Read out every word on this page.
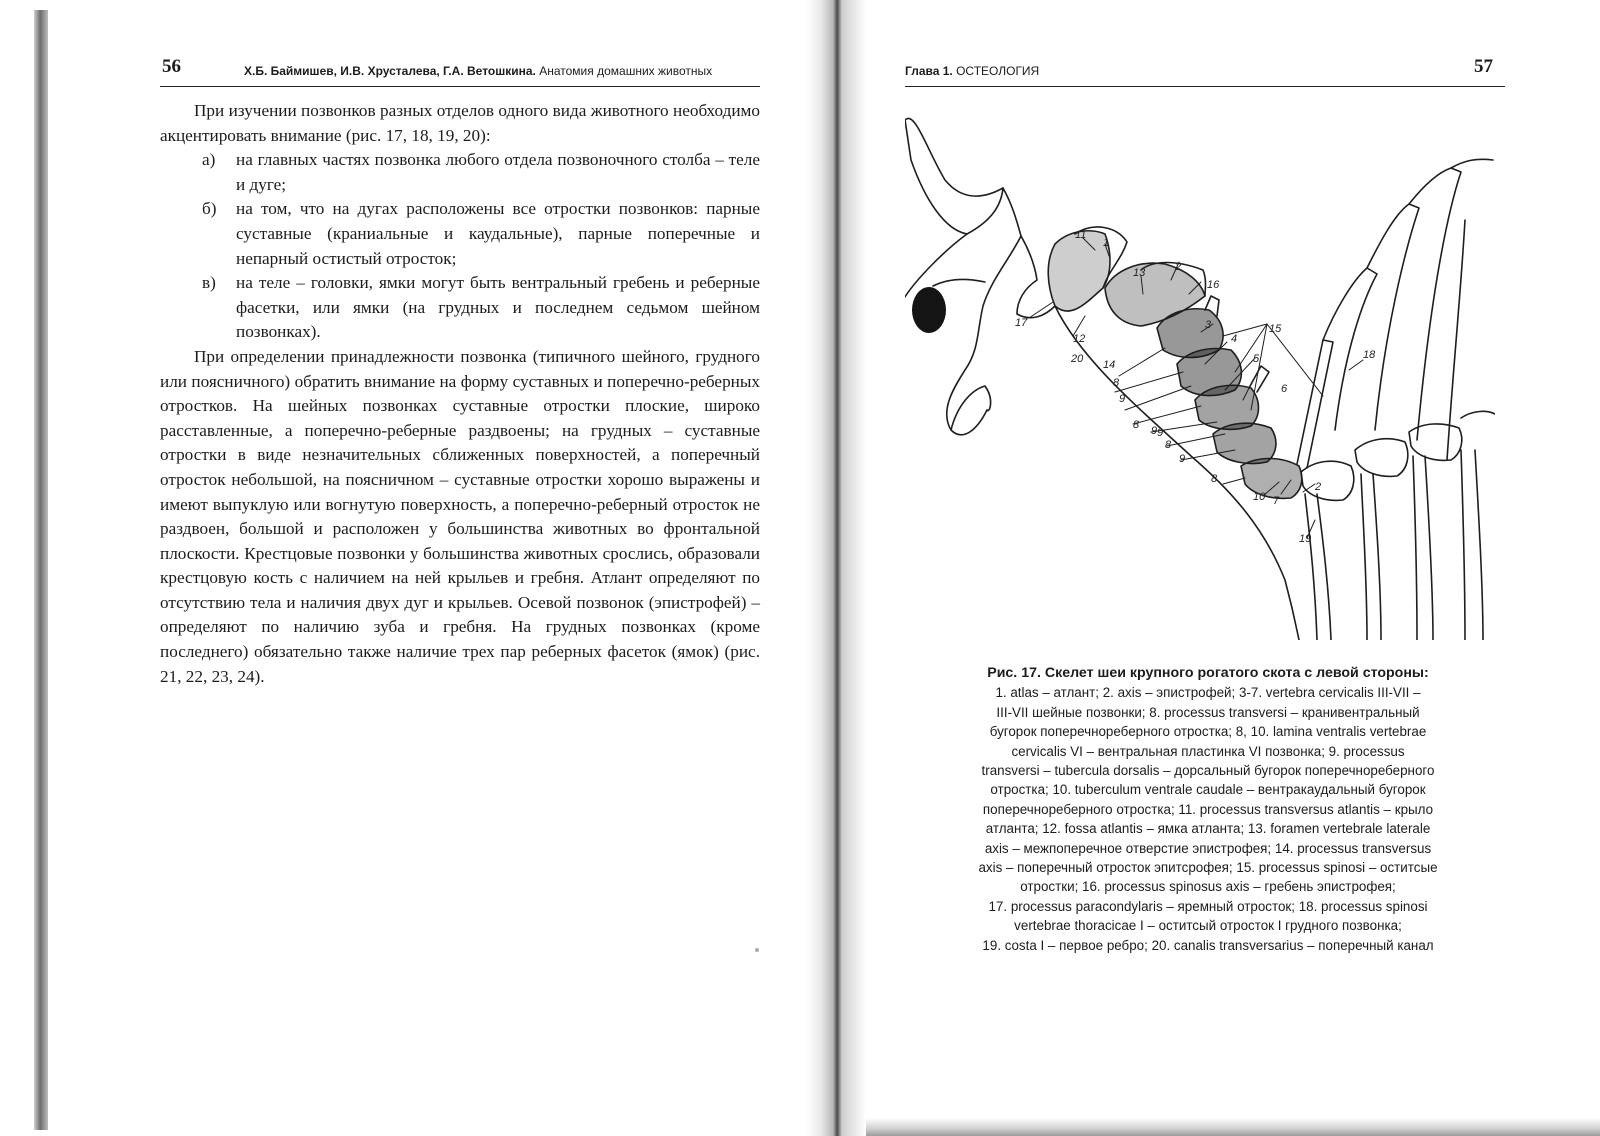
56	Х.Б. Баймишев, И.В. Хрусталева, Г.А. Ветошкина. Анатомия домашних животных

При изучении позвонков разных отделов одного вида животного необходимо акцентировать внимание (рис. 17, 18, 19, 20):

а) на главных частях позвонка любого отдела позвоночного столба – теле и дуге;
б) на том, что на дугах расположены все отростки позвонков: парные суставные (краниальные и каудальные), парные поперечные и непарный остистый отросток;
в) на теле – головки, ямки могут быть вентральный гребень и реберные фасетки, или ямки (на грудных и последнем седьмом шейном позвонках).

При определении принадлежности позвонка (типичного шейного, грудного или поясничного) обратить внимание на форму суставных и поперечно-реберных отростков. На шейных позвонках суставные отростки плоские, широко расставленные, а поперечно-реберные раздвоены; на грудных – суставные отростки в виде незначительных сближенных поверхностей, а поперечный отросток небольшой, на поясничном – суставные отростки хорошо выражены и имеют выпуклую или вогнутую поверхность, а поперечно-реберный отросток не раздвоен, большой и расположен у большинства животных во фронтальной плоскости. Крестцовые позвонки у большинства животных срослись, образовали крестцовую кость с наличием на ней крыльев и гребня. Атлант определяют по отсутствию тела и наличия двух дуг и крыльев. Осевой позвонок (эпистрофей) – определяют по наличию зуба и гребня. На грудных позвонках (кроме последнего) обязательно также наличие трех пар реберных фасеток (ямок) (рис. 21, 22, 23, 24).

Глава 1. ОСТЕОЛОГИЯ	57
11
1
13	2
16
3	15
17
12
20 14
4
5
8
9
6
18
9
8
9
8
9
8
10 7
2
19
Рис. 17. Скелет шеи крупного рогатого скота с левой стороны:
1. atlas – атлант; 2. axis – эпистрофей; 3-7. vertebra cervicalis III-VII –
III-VII шейные позвонки; 8. processus transversi – кранивентральный
бугорок поперечнореберного отростка; 8, 10. lamina ventralis vertebrae
cervicalis VI – вентральная пластинка VI позвонка; 9. processus
transversi – tubercula dorsalis – дорсальный бугорок поперечнореберного
отростка; 10. tuberculum ventrale caudale – вентракаудальный бугорок
поперечнореберного отростка; 11. processus transversus atlantis – крыло
атланта; 12. fossa atlantis – ямка атланта; 13. foramen vertebrale laterale
axis – межпоперечное отверстие эпистрофея; 14. processus transversus
axis – поперечный отросток эпитсрофея; 15. processus spinosi – оститсые
отростки; 16. processus spinosus axis – гребень эпистрофея;
17. processus paracondylaris – яремный отросток; 18. processus spinosi
vertebrae thoracicae I – оститсый отросток I грудного позвонка;
19. costa I – первое ребро; 20. canalis transversarius – поперечный канал
